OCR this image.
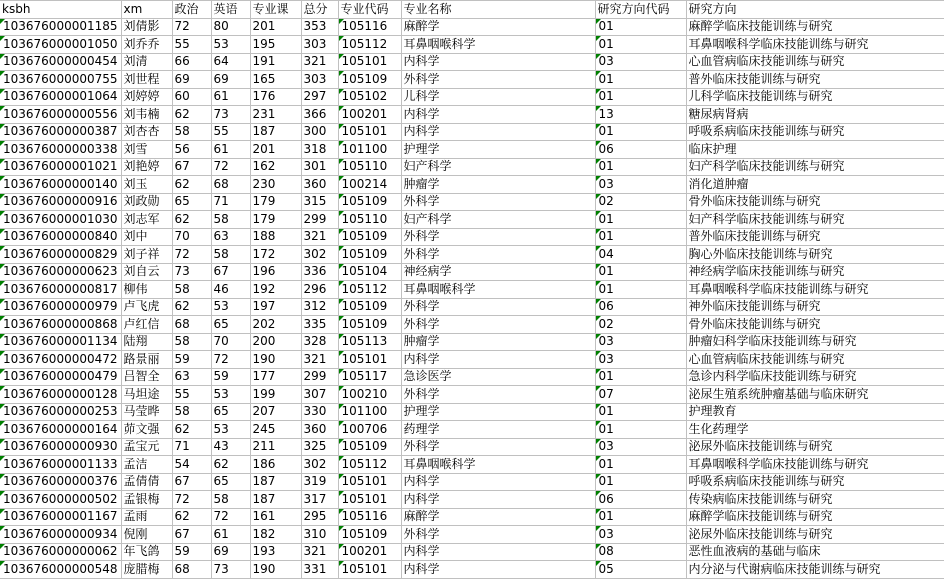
ksbh	xm	政治	英语	专业课	总分	专业代码	专业名称	研究方向代码	研究方向
103676000001185	刘倩影	72	80	201	353	105116	麻醉学	01	麻醉学临床技能训练与研究
103676000001050	刘乔乔	55	53	195	303	105112	耳鼻咽喉科学	01	耳鼻咽喉科学临床技能训练与研究
103676000000454	刘清	66	64	191	321	105101	内科学	03	心血管病临床技能训练与研究
103676000000755	刘世程	69	69	165	303	105109	外科学	01	普外临床技能训练与研究
103676000001064	刘婷婷	60	61	176	297	105102	儿科学	01	儿科学临床技能训练与研究
103676000000556	刘韦楠	62	73	231	366	100201	内科学	13	糖尿病肾病
103676000000387	刘杏杏	58	55	187	300	105101	内科学	01	呼吸系病临床技能训练与研究
103676000000338	刘雪	56	61	201	318	101100	护理学	06	临床护理
103676000001021	刘艳婷	67	72	162	301	105110	妇产科学	01	妇产科学临床技能训练与研究
103676000000140	刘玉	62	68	230	360	100214	肿瘤学	03	消化道肿瘤
103676000000916	刘政勋	65	71	179	315	105109	外科学	02	骨外临床技能训练与研究
103676000001030	刘志军	62	58	179	299	105110	妇产科学	01	妇产科学临床技能训练与研究
103676000000840	刘中	70	63	188	321	105109	外科学	01	普外临床技能训练与研究
103676000000829	刘子祥	72	58	172	302	105109	外科学	04	胸心外临床技能训练与研究
103676000000623	刘自云	73	67	196	336	105104	神经病学	01	神经病学临床技能训练与研究
103676000000817	柳伟	58	46	192	296	105112	耳鼻咽喉科学	01	耳鼻咽喉科学临床技能训练与研究
103676000000979	卢飞虎	62	53	197	312	105109	外科学	06	神外临床技能训练与研究
103676000000868	卢红信	68	65	202	335	105109	外科学	02	骨外临床技能训练与研究
103676000001134	陆翔	58	70	200	328	105113	肿瘤学	03	肿瘤妇科学临床技能训练与研究
103676000000472	路景丽	59	72	190	321	105101	内科学	03	心血管病临床技能训练与研究
103676000000479	吕智全	63	59	177	299	105117	急诊医学	01	急诊内科学临床技能训练与研究
103676000000128	马坦途	55	53	199	307	100210	外科学	07	泌尿生殖系统肿瘤基础与临床研究
103676000000253	马莹晔	58	65	207	330	101100	护理学	01	护理教育
103676000000164	茆文强	62	53	245	360	100706	药理学	01	生化药理学
103676000000930	孟宝元	71	43	211	325	105109	外科学	03	泌尿外临床技能训练与研究
103676000001133	孟洁	54	62	186	302	105112	耳鼻咽喉科学	01	耳鼻咽喉科学临床技能训练与研究
103676000000376	孟倩倩	67	65	187	319	105101	内科学	01	呼吸系病临床技能训练与研究
103676000000502	孟银梅	72	58	187	317	105101	内科学	06	传染病临床技能训练与研究
103676000001167	孟雨	62	72	161	295	105116	麻醉学	01	麻醉学临床技能训练与研究
103676000000934	倪刚	67	61	182	310	105109	外科学	03	泌尿外临床技能训练与研究
103676000000062	年飞鸽	59	69	193	321	100201	内科学	08	恶性血液病的基础与临床
103676000000548	庞腊梅	68	73	190	331	105101	内科学	05	内分泌与代谢病临床技能训练与研究
